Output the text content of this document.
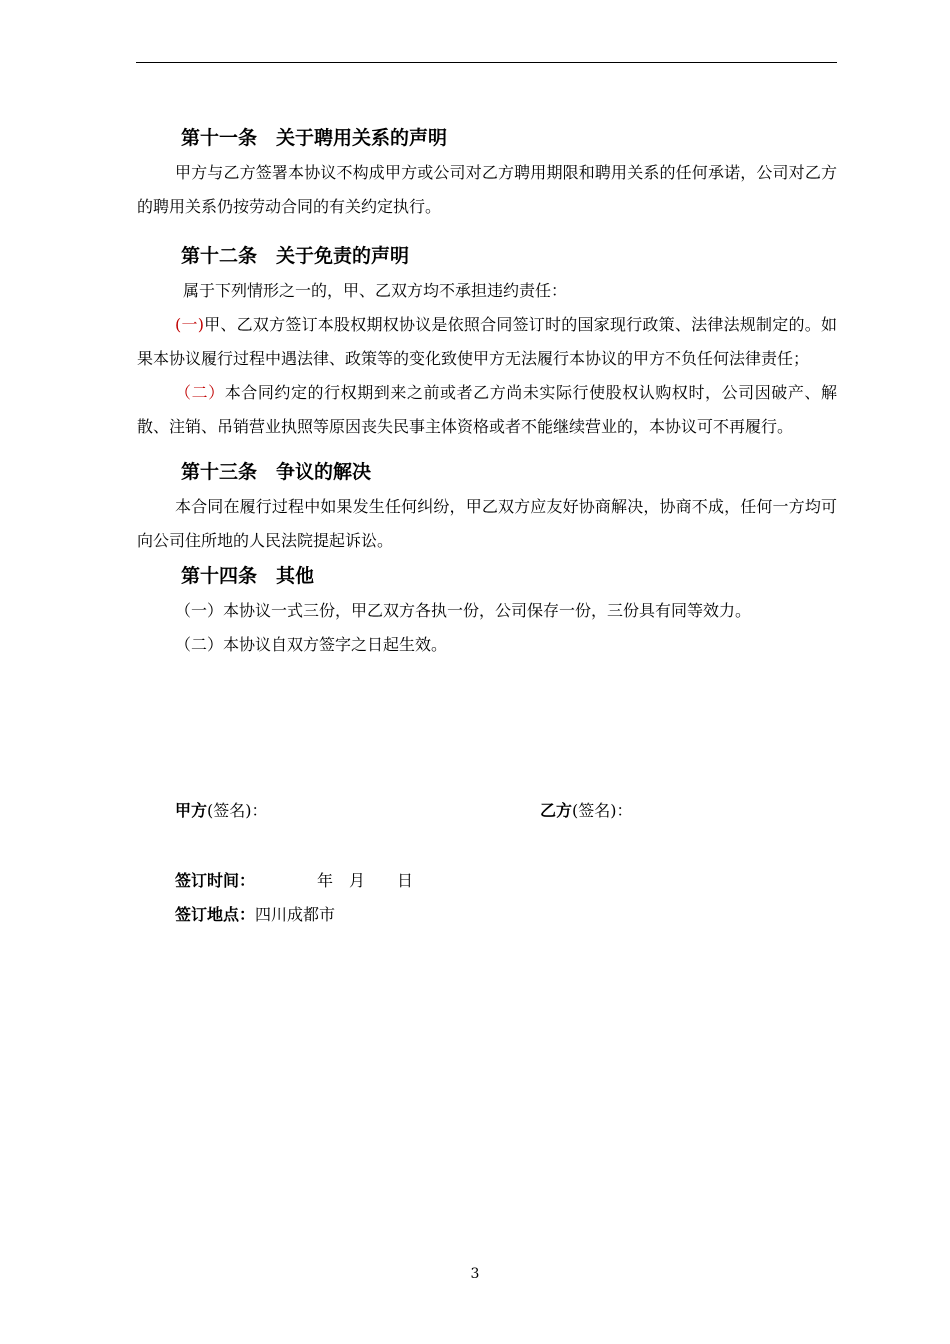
第十一条　关于聘用关系的声明

甲方与乙方签署本协议不构成甲方或公司对乙方聘用期限和聘用关系的任何承诺，公司对乙方的聘用关系仍按劳动合同的有关约定执行。

第十二条　关于免责的声明
属于下列情形之一的，甲、乙双方均不承担违约责任：

(一)甲、乙双方签订本股权期权协议是依照合同签订时的国家现行政策、法律法规制定的。如果本协议履行过程中遇法律、政策等的变化致使甲方无法履行本协议的甲方不负任何法律责任；

（二）本合同约定的行权期到来之前或者乙方尚未实际行使股权认购权时，公司因破产、解散、注销、吊销营业执照等原因丧失民事主体资格或者不能继续营业的，本协议可不再履行。

第十三条　争议的解决

本合同在履行过程中如果发生任何纠纷，甲乙双方应友好协商解决，协商不成，任何一方均可向公司住所地的人民法院提起诉讼。

第十四条　其他
（一）本协议一式三份，甲乙双方各执一份，公司保存一份，三份具有同等效力。
（二）本协议自双方签字之日起生效。
甲方(签名)：	乙方(签名)：
签订时间：	年　月　　日
签订地点：四川成都市
3
